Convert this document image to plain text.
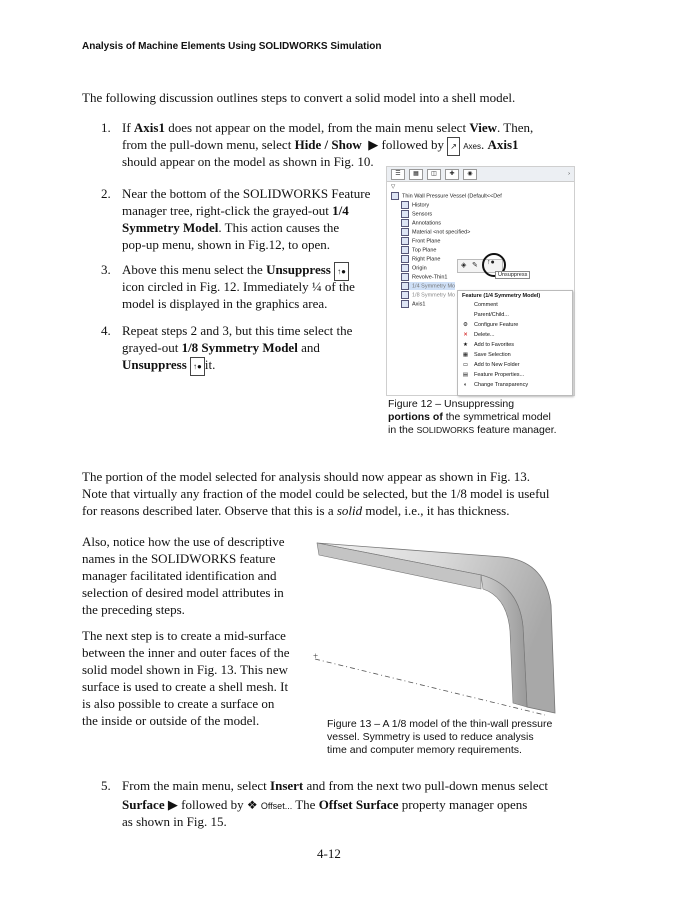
Analysis of Machine Elements Using SOLIDWORKS Simulation
The following discussion outlines steps to convert a solid model into a shell model.
1. If Axis1 does not appear on the model, from the main menu select View. Then,
from the pull-down menu, select Hide / Show  ▶ followed by ↗ Axes. Axis1
should appear on the model as shown in Fig. 10.
2. Near the bottom of the SOLIDWORKS Feature
manager tree, right-click the grayed-out 1/4
Symmetry Model. This action causes the
pop-up menu, shown in Fig.12, to open.
3. Above this menu select the Unsuppress ↑●
icon circled in Fig. 12. Immediately ¼ of the
model is displayed in the graphics area.
4. Repeat steps 2 and 3, but this time select the
grayed-out 1/8 Symmetry Model and
Unsuppress ↑● it.
☰	▦	◫	✚	◉	›
▽
Thin Wall Pressure Vessel (Default<<Def
History
Sensors
Annotations
Material <not specified>
Front Plane
Top Plane
Right Plane
Origin
Revolve-Thin1
1/4 Symmetry Mo
1/8 Symmetry Mo
Axis1
◈ ✎ ↑●
Unsuppress
Feature (1/4 Symmetry Model)
Comment
Parent/Child...
⚙ Configure Feature
✕ Delete...
★ Add to Favorites
▦ Save Selection
▭ Add to New Folder
▤ Feature Properties...
◐ Change Transparency
Figure 12 – Unsuppressing
portions of the symmetrical model
in the SOLIDWORKS feature manager.
The portion of the model selected for analysis should now appear as shown in Fig. 13.
Note that virtually any fraction of the model could be selected, but the 1/8 model is useful
for reasons described later. Observe that this is a solid model, i.e., it has thickness.
Also, notice how the use of descriptive
names in the SOLIDWORKS feature
manager facilitated identification and
selection of desired model attributes in
the preceding steps.
The next step is to create a mid-surface
between the inner and outer faces of the
solid model shown in Fig. 13. This new
surface is used to create a shell mesh. It
is also possible to create a surface on
the inside or outside of the model.
+
Figure 13 – A 1/8 model of the thin-wall pressure
vessel. Symmetry is used to reduce analysis
time and computer memory requirements.
5. From the main menu, select Insert and from the next two pull-down menus select
Surface ▶ followed by ❖ Offset... The Offset Surface property manager opens
as shown in Fig. 15.
4-12
